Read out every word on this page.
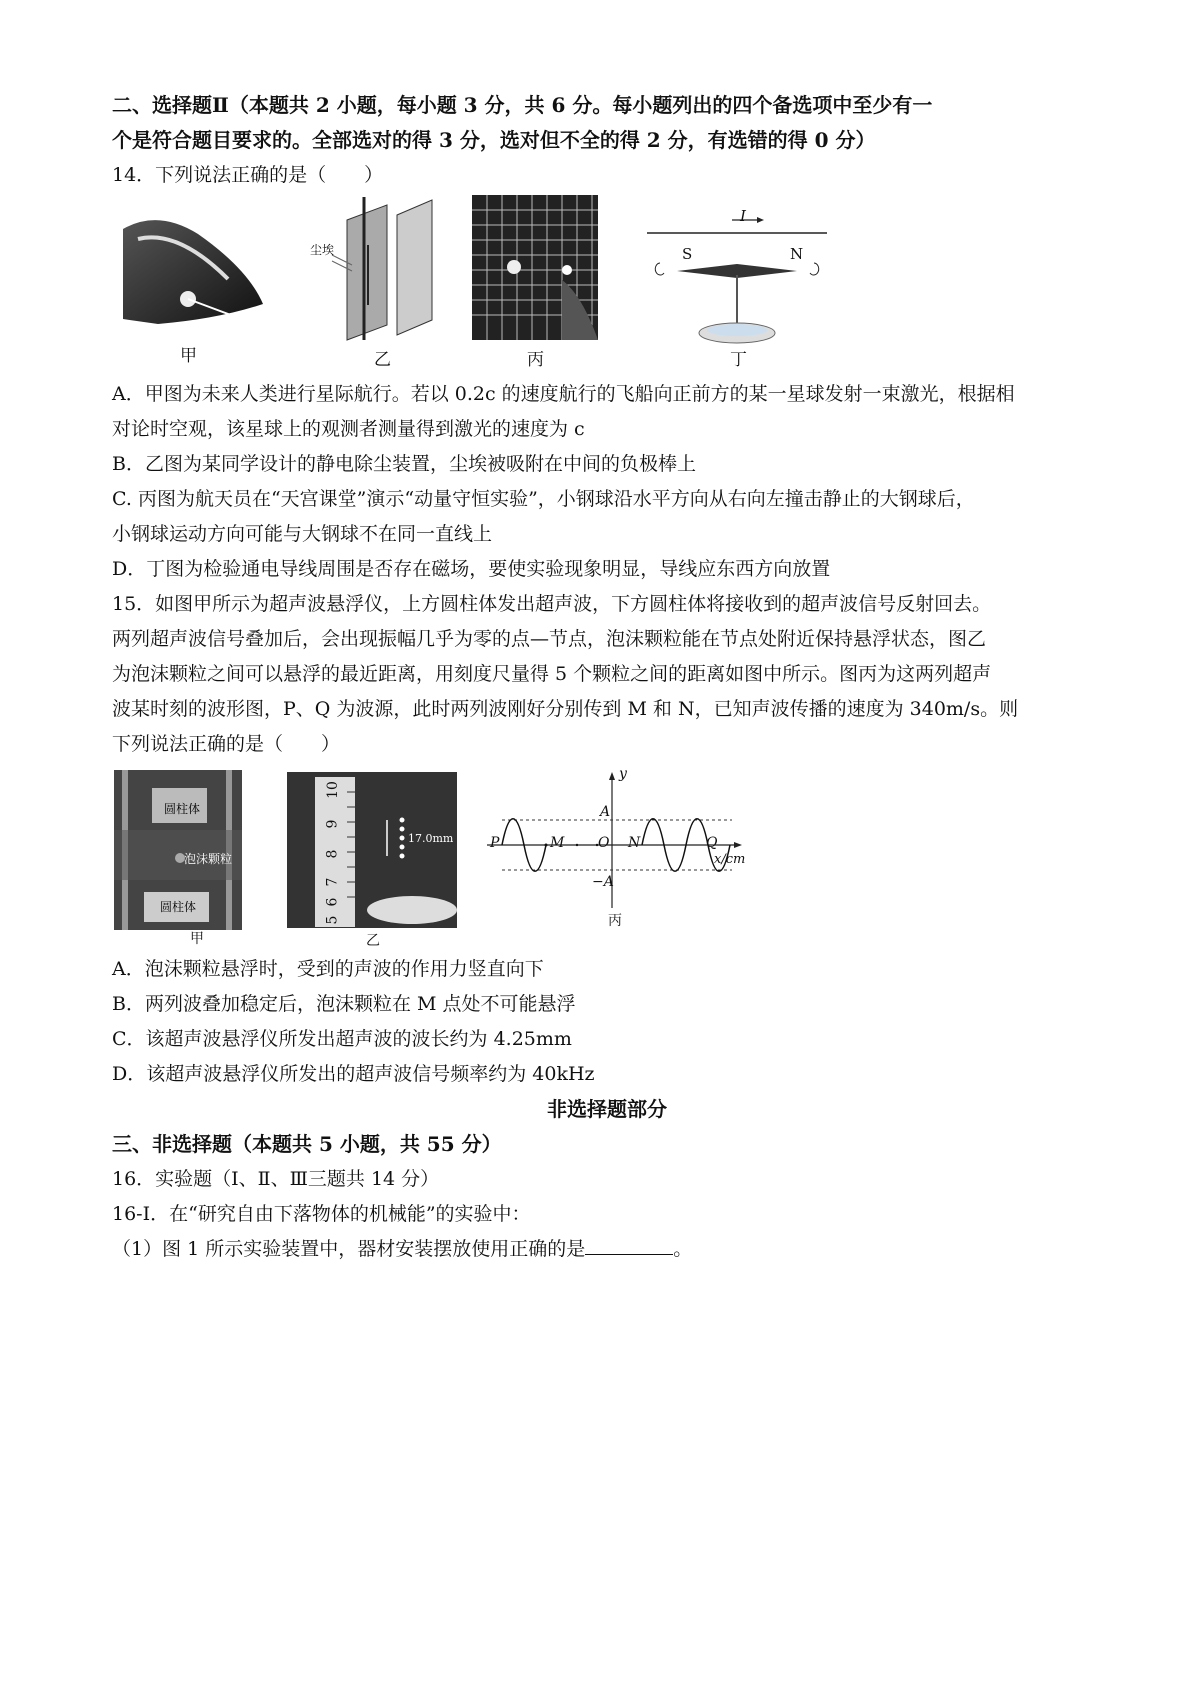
二、选择题Ⅱ（本题共 2 小题，每小题 3 分，共 6 分。每小题列出的四个备选项中至少有一
个是符合题目要求的。全部选对的得 3 分，选对但不全的得 2 分，有选错的得 0 分）
14．下列说法正确的是（　　）
甲
尘埃
乙	丙
I
S	N
丁
A．甲图为未来人类进行星际航行。若以 0.2c 的速度航行的飞船向正前方的某一星球发射一束激光，根据相
对论时空观，该星球上的观测者测量得到激光的速度为 c
B．乙图为某同学设计的静电除尘装置，尘埃被吸附在中间的负极棒上
C. 丙图为航天员在“天宫课堂”演示“动量守恒实验”，小钢球沿水平方向从右向左撞击静止的大钢球后，
小钢球运动方向可能与大钢球不在同一直线上
D．丁图为检验通电导线周围是否存在磁场，要使实验现象明显，导线应东西方向放置
15．如图甲所示为超声波悬浮仪，上方圆柱体发出超声波，下方圆柱体将接收到的超声波信号反射回去。
两列超声波信号叠加后，会出现振幅几乎为零的点—节点，泡沫颗粒能在节点处附近保持悬浮状态，图乙
为泡沫颗粒之间可以悬浮的最近距离，用刻度尺量得 5 个颗粒之间的距离如图中所示。图丙为这两列超声
波某时刻的波形图，P、Q 为波源，此时两列波刚好分别传到 M 和 N，已知声波传播的速度为 340m/s。则
下列说法正确的是（　　）
圆柱体
泡沫颗粒
圆柱体
甲
10
9
8
7
6
5
17.0mm
乙
y
A
−A
P	M O N	Q
x/cm
丙
A．泡沫颗粒悬浮时，受到的声波的作用力竖直向下
B．两列波叠加稳定后，泡沫颗粒在 M 点处不可能悬浮
C．该超声波悬浮仪所发出超声波的波长约为 4.25mm
D．该超声波悬浮仪所发出的超声波信号频率约为 40kHz
非选择题部分
三、非选择题（本题共 5 小题，共 55 分）
16．实验题（Ⅰ、Ⅱ、Ⅲ三题共 14 分）
16-Ⅰ．在“研究自由下落物体的机械能”的实验中：
（1）图 1 所示实验装置中，器材安装摆放使用正确的是	。
